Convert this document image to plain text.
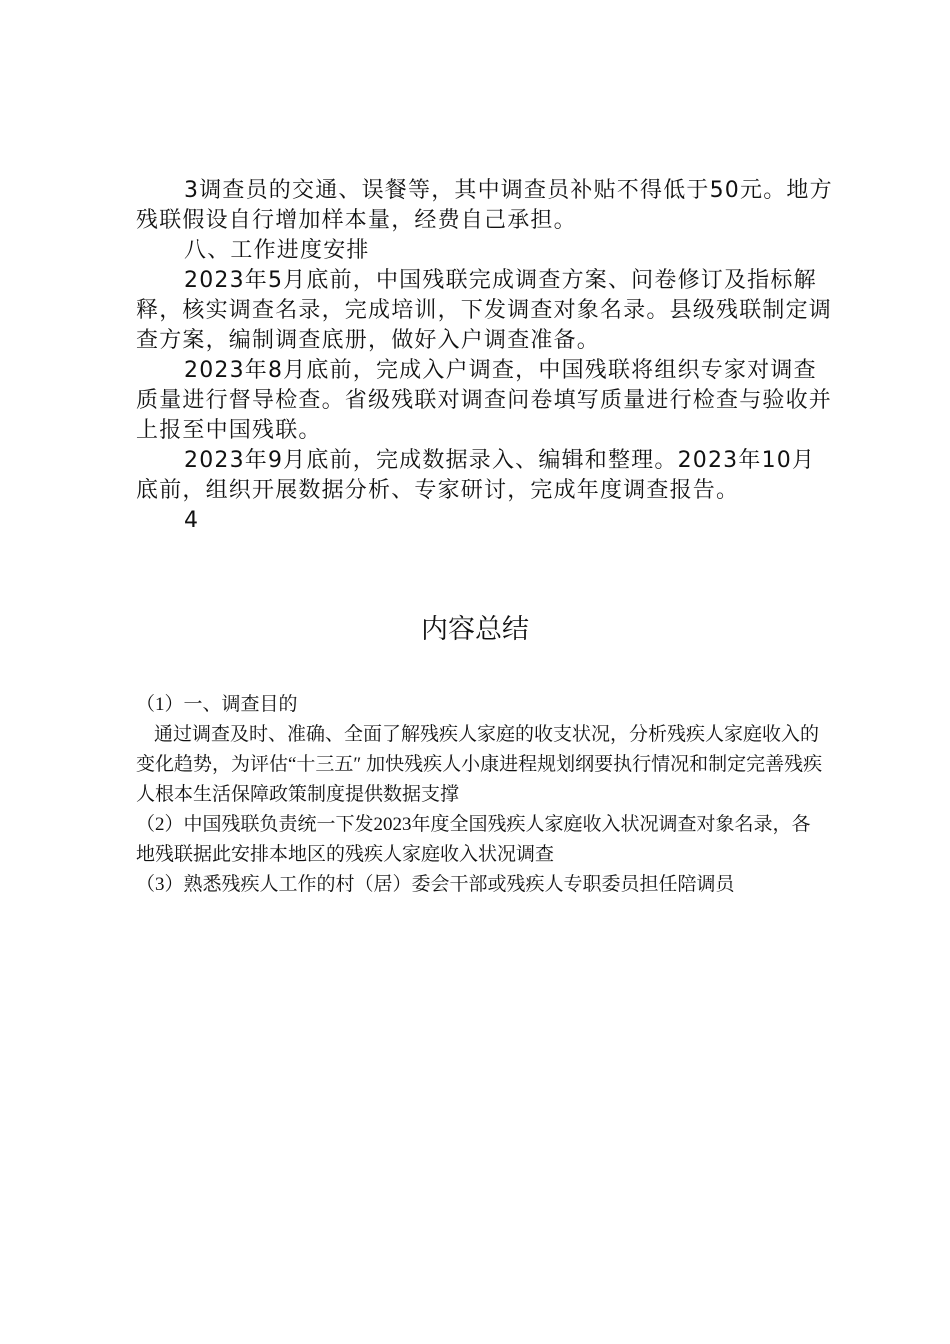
3调查员的交通、误餐等，其中调查员补贴不得低于50元。地方残联假设自行增加样本量，经费自己承担。

八、工作进度安排

2023年5月底前，中国残联完成调查方案、问卷修订及指标解释，核实调查名录，完成培训，下发调查对象名录。县级残联制定调查方案，编制调查底册，做好入户调查准备。

2023年8月底前，完成入户调查，中国残联将组织专家对调查质量进行督导检查。省级残联对调查问卷填写质量进行检查与验收并上报至中国残联。

2023年9月底前，完成数据录入、编辑和整理。2023年10月底前，组织开展数据分析、专家研讨，完成年度调查报告。

4

内容总结

（1）一、调查目的

通过调查及时、准确、全面了解残疾人家庭的收支状况，分析残疾人家庭收入的变化趋势，为评估“十三五″ 加快残疾人小康进程规划纲要执行情况和制定完善残疾人根本生活保障政策制度提供数据支撑

（2）中国残联负责统一下发2023年度全国残疾人家庭收入状况调查对象名录，各地残联据此安排本地区的残疾人家庭收入状况调查

（3）熟悉残疾人工作的村（居）委会干部或残疾人专职委员担任陪调员
